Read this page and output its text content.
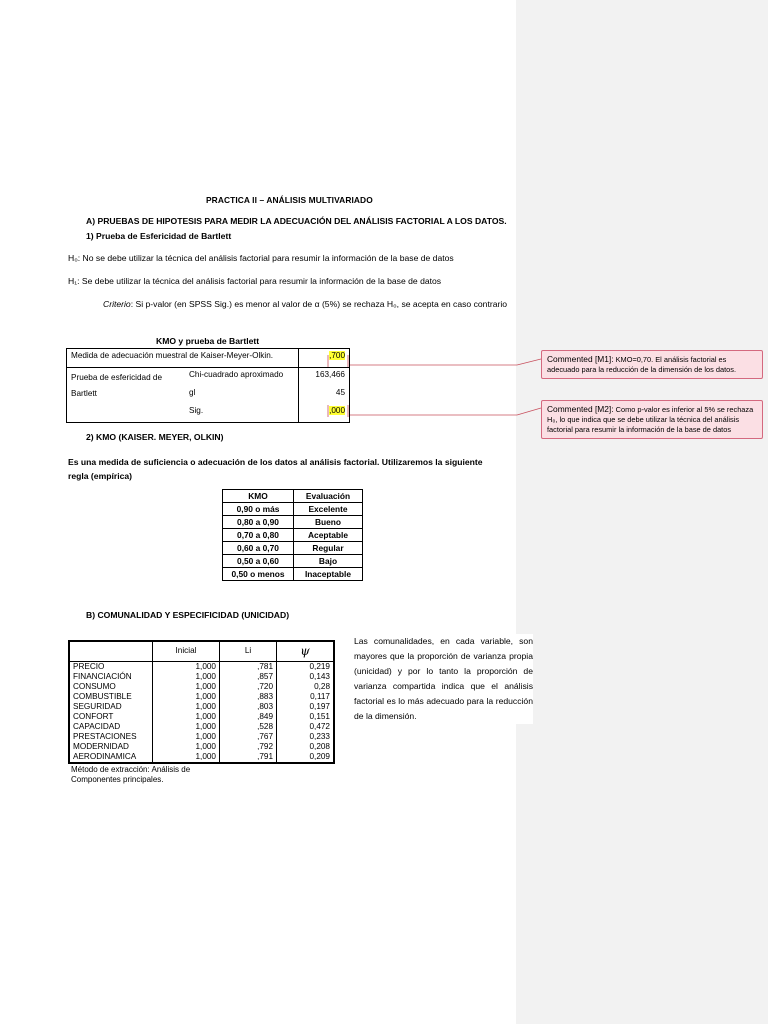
PRACTICA II – ANÁLISIS MULTIVARIADO
A) PRUEBAS DE HIPOTESIS PARA MEDIR LA ADECUACIÓN DEL ANÁLISIS FACTORIAL A LOS DATOS.
1) Prueba de Esfericidad de Bartlett
H₀: No se debe utilizar la técnica del análisis factorial para resumir la información de la base de datos
H₁: Se debe utilizar la técnica del análisis factorial para resumir la información de la base de datos
Criterio: Si p-valor (en SPSS Sig.) es menor al valor de α (5%) se rechaza H₀, se acepta en caso contrario
KMO y prueba de Bartlett
Medida de adecuación muestral de Kaiser-Meyer-Olkin.		,700
Prueba de esfericidad de Bartlett	Chi-cuadrado aproximado	163,466
	gl	45
	Sig.	,000
2) KMO (KAISER. MEYER, OLKIN)
Es una medida de suficiencia o adecuación de los datos al análisis factorial. Utilizaremos la siguiente regla (empírica)
KMO	Evaluación
0,90 o más	Excelente
0,80 a 0,90	Bueno
0,70 a 0,80	Aceptable
0,60 a 0,70	Regular
0,50 a 0,60	Bajo
0,50 o menos	Inaceptable
B) COMUNALIDAD Y ESPECIFICIDAD (UNICIDAD)
	Inicial	Li	ψ
PRECIO	1,000	,781	0,219
FINANCIACIÓN	1,000	,857	0,143
CONSUMO	1,000	,720	0,28
COMBUSTIBLE	1,000	,883	0,117
SEGURIDAD	1,000	,803	0,197
CONFORT	1,000	,849	0,151
CAPACIDAD	1,000	,528	0,472
PRESTACIONES	1,000	,767	0,233
MODERNIDAD	1,000	,792	0,208
AERODINAMICA	1,000	,791	0,209
Método de extracción: Análisis de Componentes principales.
Las comunalidades, en cada variable, son mayores que la proporción de varianza propia (unicidad) y por lo tanto la proporción de varianza compartida indica que el análisis factorial es lo más adecuado para la reducción de la dimensión.
Commented [M1]: KMO=0,70. El análisis factorial es adecuado para la reducción de la dimensión de los datos.
Commented [M2]: Como p-valor es inferior al 5% se rechaza H₀, lo que indica que se debe utilizar la técnica del análisis factorial para resumir la información de la base de datos
